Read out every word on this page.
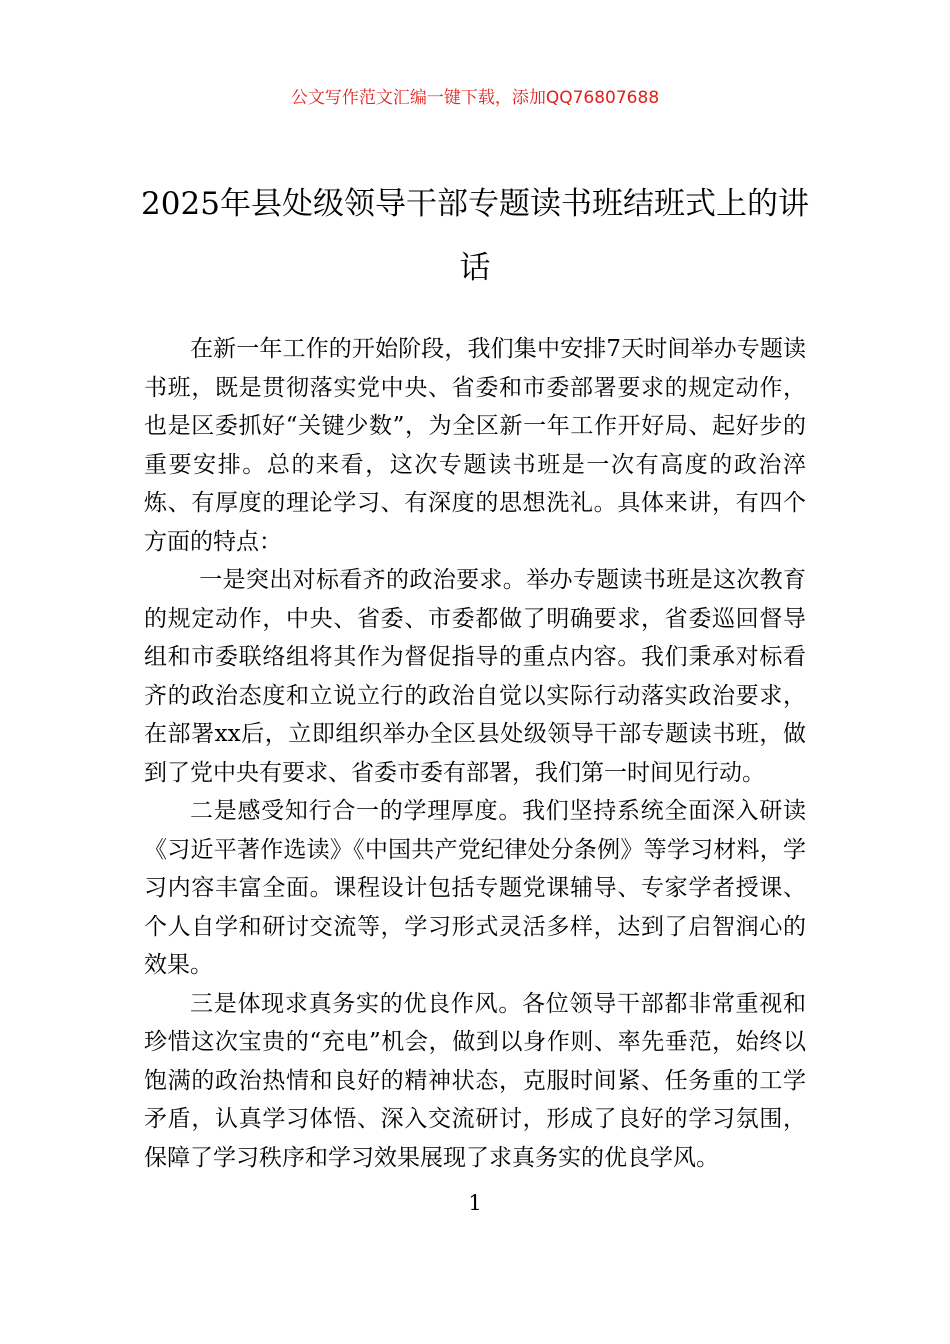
公文写作范文汇编一键下载，添加QQ76807688
2025年县处级领导干部专题读书班结班式上的讲话

在新一年工作的开始阶段，我们集中安排7天时间举办专题读书班，既是贯彻落实党中央、省委和市委部署要求的规定动作，也是区委抓好“关键少数”，为全区新一年工作开好局、起好步的重要安排。总的来看，这次专题读书班是一次有高度的政治淬炼、有厚度的理论学习、有深度的思想洗礼。具体来讲，有四个方面的特点：

一是突出对标看齐的政治要求。举办专题读书班是这次教育的规定动作，中央、省委、市委都做了明确要求，省委巡回督导组和市委联络组将其作为督促指导的重点内容。我们秉承对标看齐的政治态度和立说立行的政治自觉以实际行动落实政治要求，在部署xx后，立即组织举办全区县处级领导干部专题读书班，做到了党中央有要求、省委市委有部署，我们第一时间见行动。

二是感受知行合一的学理厚度。我们坚持系统全面深入研读《习近平著作选读》《中国共产党纪律处分条例》等学习材料，学习内容丰富全面。课程设计包括专题党课辅导、专家学者授课、个人自学和研讨交流等，学习形式灵活多样，达到了启智润心的效果。

三是体现求真务实的优良作风。各位领导干部都非常重视和珍惜这次宝贵的“充电”机会，做到以身作则、率先垂范，始终以饱满的政治热情和良好的精神状态，克服时间紧、任务重的工学矛盾，认真学习体悟、深入交流研讨，形成了良好的学习氛围，保障了学习秩序和学习效果展现了求真务实的优良学风。

1
